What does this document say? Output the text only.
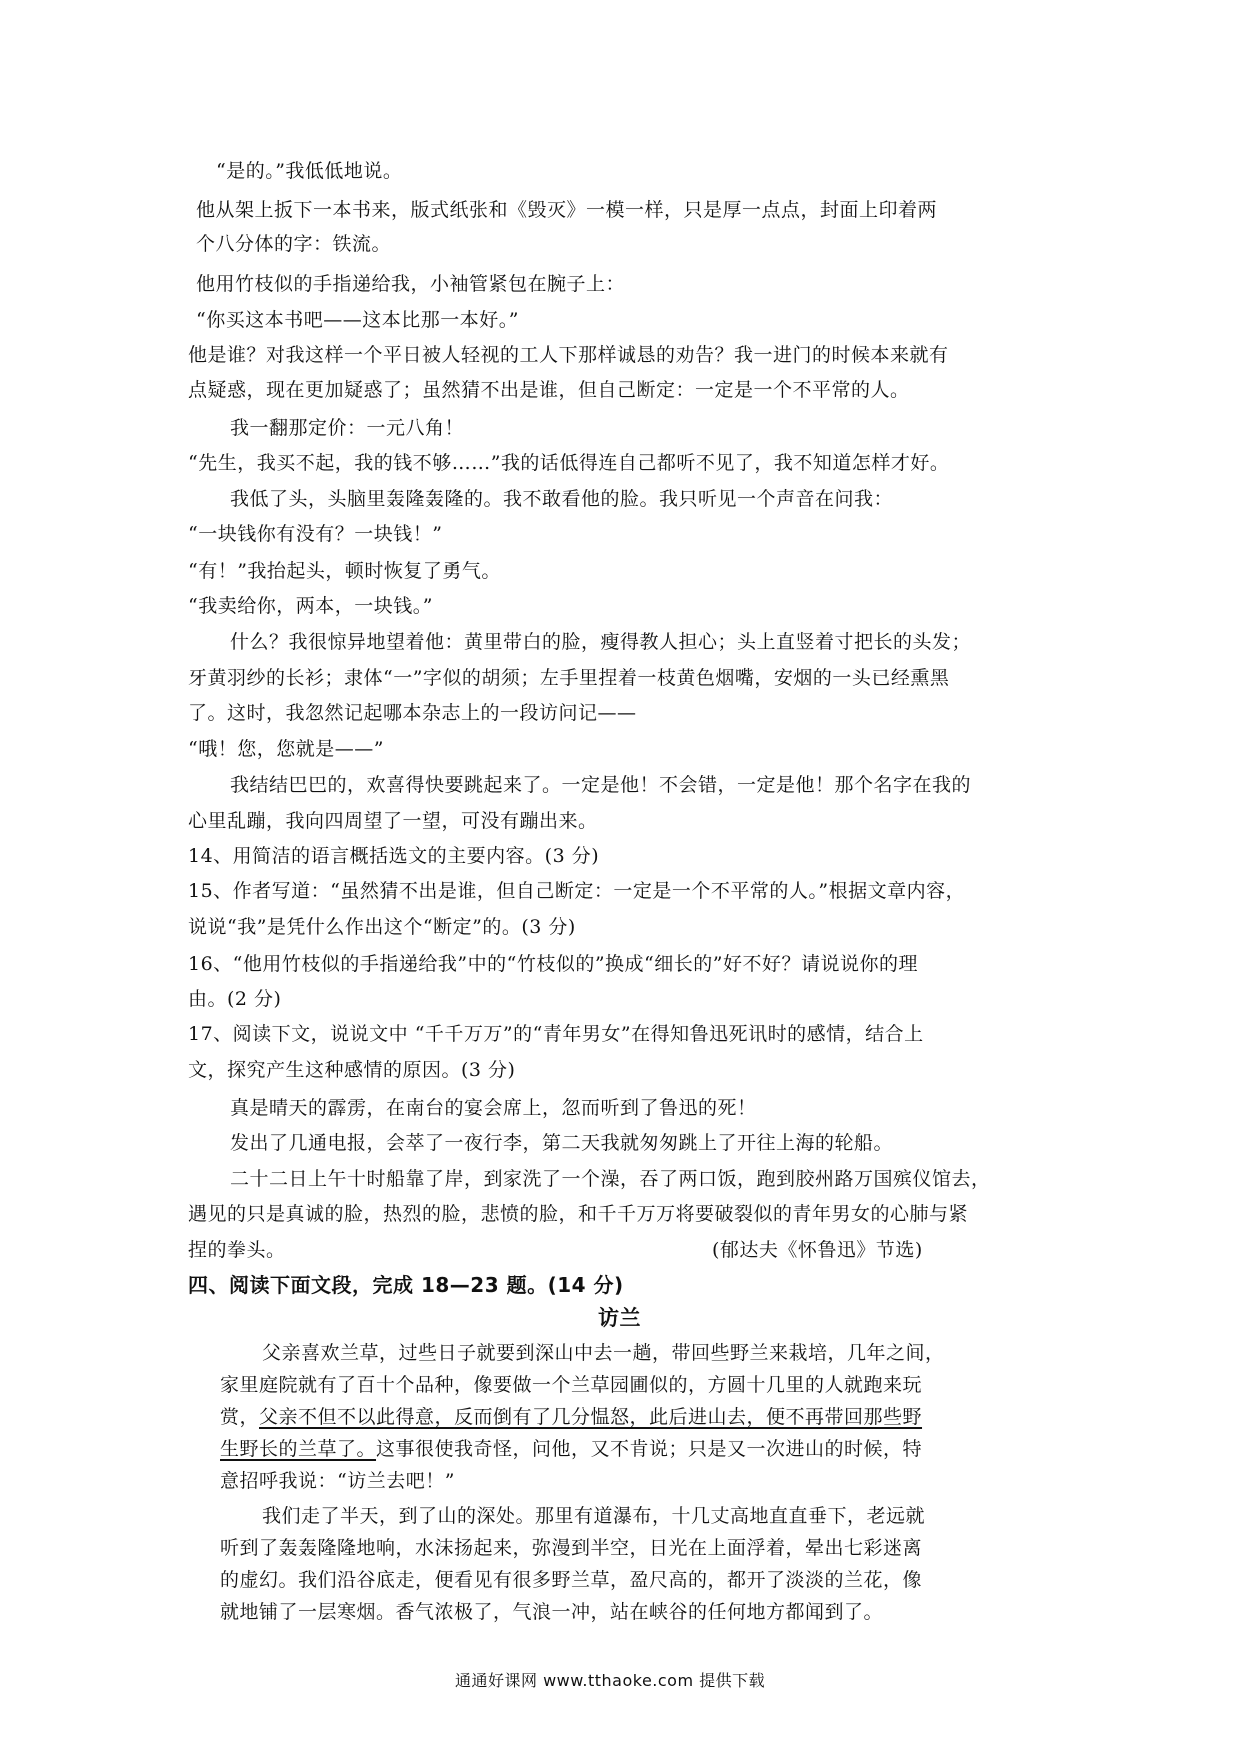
“是的。”我低低地说。
他从架上扳下一本书来，版式纸张和《毁灭》一模一样，只是厚一点点，封面上印着两
个八分体的字：铁流。
他用竹枝似的手指递给我，小袖管紧包在腕子上：
“你买这本书吧——这本比那一本好。”
他是谁？对我这样一个平日被人轻视的工人下那样诚恳的劝告？我一进门的时候本来就有
点疑惑，现在更加疑惑了；虽然猜不出是谁，但自己断定：一定是一个不平常的人。
我一翻那定价：一元八角！
“先生，我买不起，我的钱不够……”我的话低得连自己都听不见了，我不知道怎样才好。
我低了头，头脑里轰隆轰隆的。我不敢看他的脸。我只听见一个声音在问我：
“一块钱你有没有？一块钱！”
“有！”我抬起头，顿时恢复了勇气。
“我卖给你，两本，一块钱。”
什么？我很惊异地望着他：黄里带白的脸，瘦得教人担心；头上直竖着寸把长的头发；
牙黄羽纱的长衫；隶体“一”字似的胡须；左手里捏着一枝黄色烟嘴，安烟的一头已经熏黑
了。这时，我忽然记起哪本杂志上的一段访问记——
“哦！您，您就是——”
我结结巴巴的，欢喜得快要跳起来了。一定是他！不会错，一定是他！那个名字在我的
心里乱蹦，我向四周望了一望，可没有蹦出来。
14、用简洁的语言概括选文的主要内容。(3 分)
15、作者写道：“虽然猜不出是谁，但自己断定：一定是一个不平常的人。”根据文章内容，
说说“我”是凭什么作出这个“断定”的。(3 分)
16、“他用竹枝似的手指递给我”中的“竹枝似的”换成“细长的”好不好？请说说你的理
由。(2 分)
17、阅读下文，说说文中 “千千万万”的“青年男女”在得知鲁迅死讯时的感情，结合上
文，探究产生这种感情的原因。(3 分)
真是晴天的霹雳，在南台的宴会席上，忽而听到了鲁迅的死！
发出了几通电报，会萃了一夜行李，第二天我就匆匆跳上了开往上海的轮船。
二十二日上午十时船靠了岸，到家洗了一个澡，吞了两口饭，跑到胶州路万国殡仪馆去，
遇见的只是真诚的脸，热烈的脸，悲愤的脸，和千千万万将要破裂似的青年男女的心肺与紧
捏的拳头。	(郁达夫《怀鲁迅》节选)
四、阅读下面文段，完成 18—23 题。(14 分)
访兰
父亲喜欢兰草，过些日子就要到深山中去一趟，带回些野兰来栽培，几年之间，
家里庭院就有了百十个品种，像要做一个兰草园圃似的，方圆十几里的人就跑来玩
赏，父亲不但不以此得意，反而倒有了几分愠怒，此后进山去，便不再带回那些野
生野长的兰草了。这事很使我奇怪，问他，又不肯说；只是又一次进山的时候，特
意招呼我说：“访兰去吧！”
我们走了半天，到了山的深处。那里有道瀑布，十几丈高地直直垂下，老远就
听到了轰轰隆隆地响，水沫扬起来，弥漫到半空，日光在上面浮着，晕出七彩迷离
的虚幻。我们沿谷底走，便看见有很多野兰草，盈尺高的，都开了淡淡的兰花，像
就地铺了一层寒烟。香气浓极了，气浪一冲，站在峡谷的任何地方都闻到了。
通通好课网 www.tthaoke.com 提供下载
